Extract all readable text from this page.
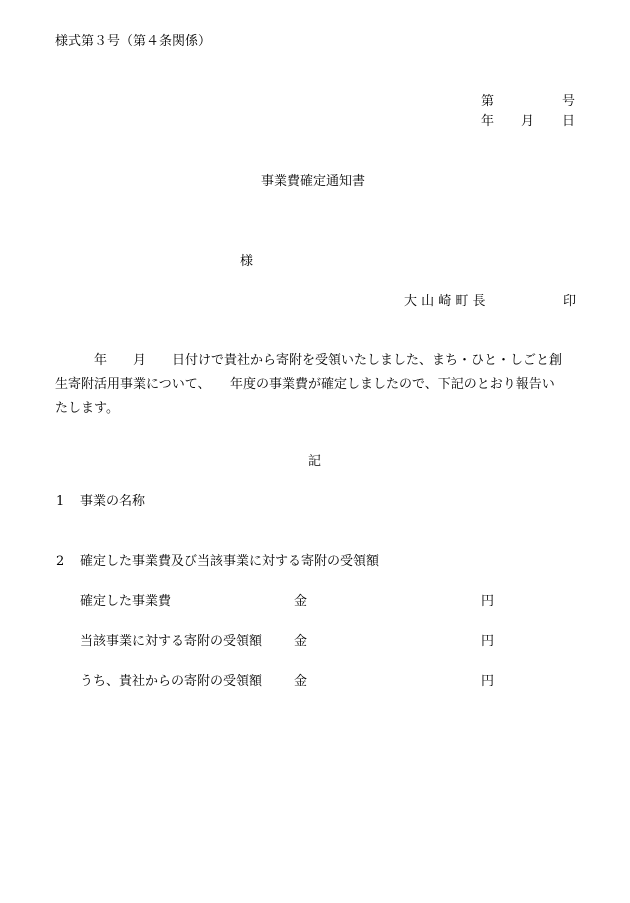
様式第３号（第４条関係）
第	号
年 月 日
事業費確定通知書
様
大 山 崎 町 長	印
　　　年　　月　　日付けで貴社から寄附を受領いたしました、まち・ひと・しごと創
生寄附活用事業について、　　年度の事業費が確定しましたので、下記のとおり報告い
たします。
記
1 事業の名称
2 確定した事業費及び当該事業に対する寄附の受領額
確定した事業費	金	円
当該事業に対する寄附の受領額 金	円
うち、貴社からの寄附の受領額 金	円
